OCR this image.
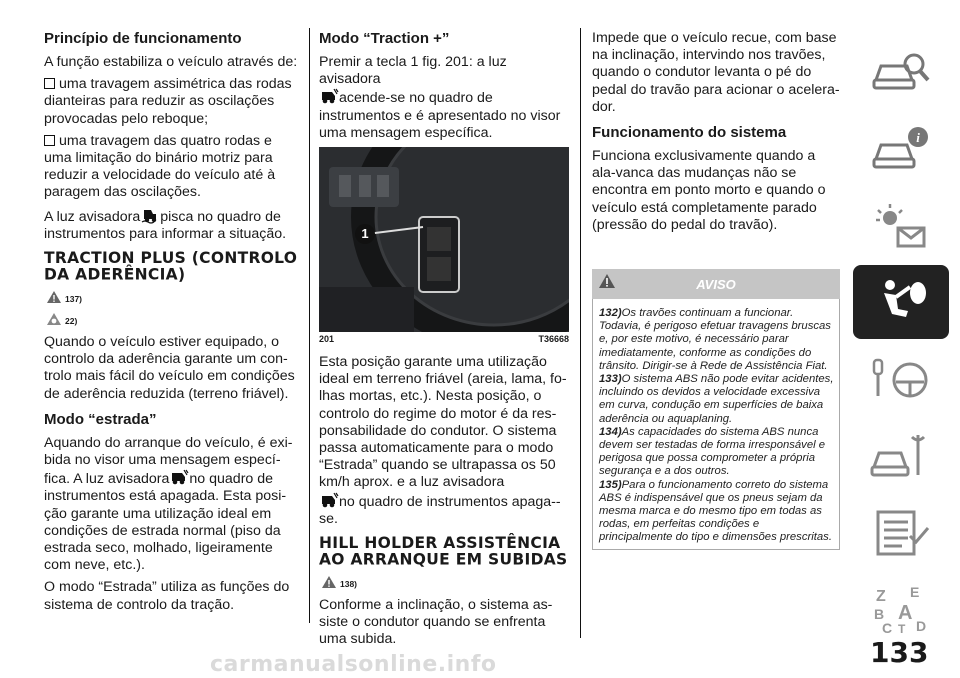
Princípio de funcionamento

A função estabiliza o veículo através de:

uma travagem assimétrica das rodas dianteiras para reduzir as oscilações provocadas pelo reboque;

uma travagem das quatro rodas e uma limitação do binário motriz para reduzir a velocidade do veículo até à paragem das oscilações.

A luz avisadora pisca no quadro de instrumentos para informar a situação.

TRACTION PLUS (CONTROLO DA ADERÊNCIA)
137)
22)

Quando o veículo estiver equipado, o controlo da aderência garante um con-trolo mais fácil do veículo em condições de aderência reduzida (terreno friável).

Modo “estrada”

Aquando do arranque do veículo, é exi-bida no visor uma mensagem especí-fica. A luz avisadora no quadro de instrumentos está apagada. Esta posi-ção garante uma utilização ideal em condições de estrada normal (piso da estrada seco, molhado, ligeiramente com neve, etc.).

O modo “Estrada” utiliza as funções do sistema de controlo da tração.

Modo “Traction +”

Premir a tecla 1 fig. 201: a luz avisadora
acende-se no quadro de instrumentos e é apresentado no visor uma mensagem específica.

1
201	T36668

Esta posição garante uma utilização ideal em terreno friável (areia, lama, fo-lhas mortas, etc.). Nesta posição, o controlo do regime do motor é da res-ponsabilidade do condutor. O sistema passa automaticamente para o modo “Estrada” quando se ultrapassa os 50 km/h aprox. e a luz avisadora
no quadro de instrumentos apaga--se.

HILL HOLDER ASSISTÊNCIA AO ARRANQUE EM SUBIDAS
138)

Conforme a inclinação, o sistema as-siste o condutor quando se enfrenta uma subida.

Impede que o veículo recue, com base na inclinação, intervindo nos travões, quando o condutor levanta o pé do pedal do travão para acionar o acelera-dor.

Funcionamento do sistema

Funciona exclusivamente quando a ala-vanca das mudanças não se encontra em ponto morto e quando o veículo está completamente parado (pressão do pedal do travão).

AVISO

132)Os travões continuam a funcionar. Todavia, é perigoso efetuar travagens bruscas e, por este motivo, é necessário parar imediatamente, conforme as condições do trânsito. Dirigir-se à Rede de Assistência Fiat.

133)O sistema ABS não pode evitar acidentes, incluindo os devidos a velocidade excessiva em curva, condução em superfícies de baixa aderência ou aquaplaning.

134)As capacidades do sistema ABS nunca devem ser testadas de forma irresponsável e perigosa que possa comprometer a própria segurança e a dos outros.

135)Para o funcionamento correto do sistema ABS é indispensável que os pneus sejam da mesma marca e do mesmo tipo em todas as rodas, em perfeitas condições e principalmente do tipo e dimensões prescritas.

i
Z E
B A
C T D
133
carmanualsonline.info
